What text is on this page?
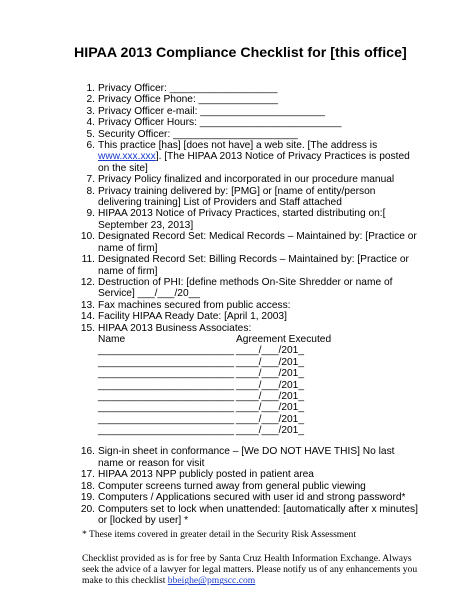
HIPAA 2013 Compliance Checklist for [this office]
1. Privacy Officer: ___________________
2. Privacy Office Phone: ______________
3. Privacy Officer e-mail: ______________________
4. Privacy Officer Hours: _________________________
5. Security Officer: ______________________
6. This practice [has] [does not have] a web site. [The address is www.xxx.xxx]. [The HIPAA 2013 Notice of Privacy Practices is posted on the site]
7. Privacy Policy finalized and incorporated in our procedure manual
8. Privacy training delivered by: [PMG] or [name of entity/person delivering training] List of Providers and Staff attached
9. HIPAA 2013 Notice of Privacy Practices, started distributing on:[ September 23, 2013]
10. Designated Record Set: Medical Records – Maintained by: [Practice or name of firm]
11. Designated Record Set: Billing Records – Maintained by: [Practice or name of firm]
12. Destruction of PHI: [define methods On-Site Shredder or name of Service] ___/___/20__
13. Fax machines secured from public access:
14. Facility HIPAA Ready Date: [April 1, 2003]
15. HIPAA 2013 Business Associates:
Name	Agreement Executed
________________________ ____/___/201_
________________________ ____/___/201_
________________________ ____/___/201_
________________________ ____/___/201_
________________________ ____/___/201_
________________________ ____/___/201_
________________________ ____/___/201_
________________________ ____/___/201_
16. Sign-in sheet in conformance – [We DO NOT HAVE THIS] No last name or reason for visit
17. HIPAA 2013 NPP publicly posted in patient area
18. Computer screens turned away from general public viewing
19. Computers / Applications secured with user id and strong password*
20. Computers set to lock when unattended: [automatically after x minutes] or [locked by user] *
* These items covered in greater detail in the Security Risk Assessment
Checklist provided as is for free by Santa Cruz Health Information Exchange. Always seek the advice of a lawyer for legal matters. Please notify us of any enhancements you make to this checklist bbeighe@pmgscc.com
